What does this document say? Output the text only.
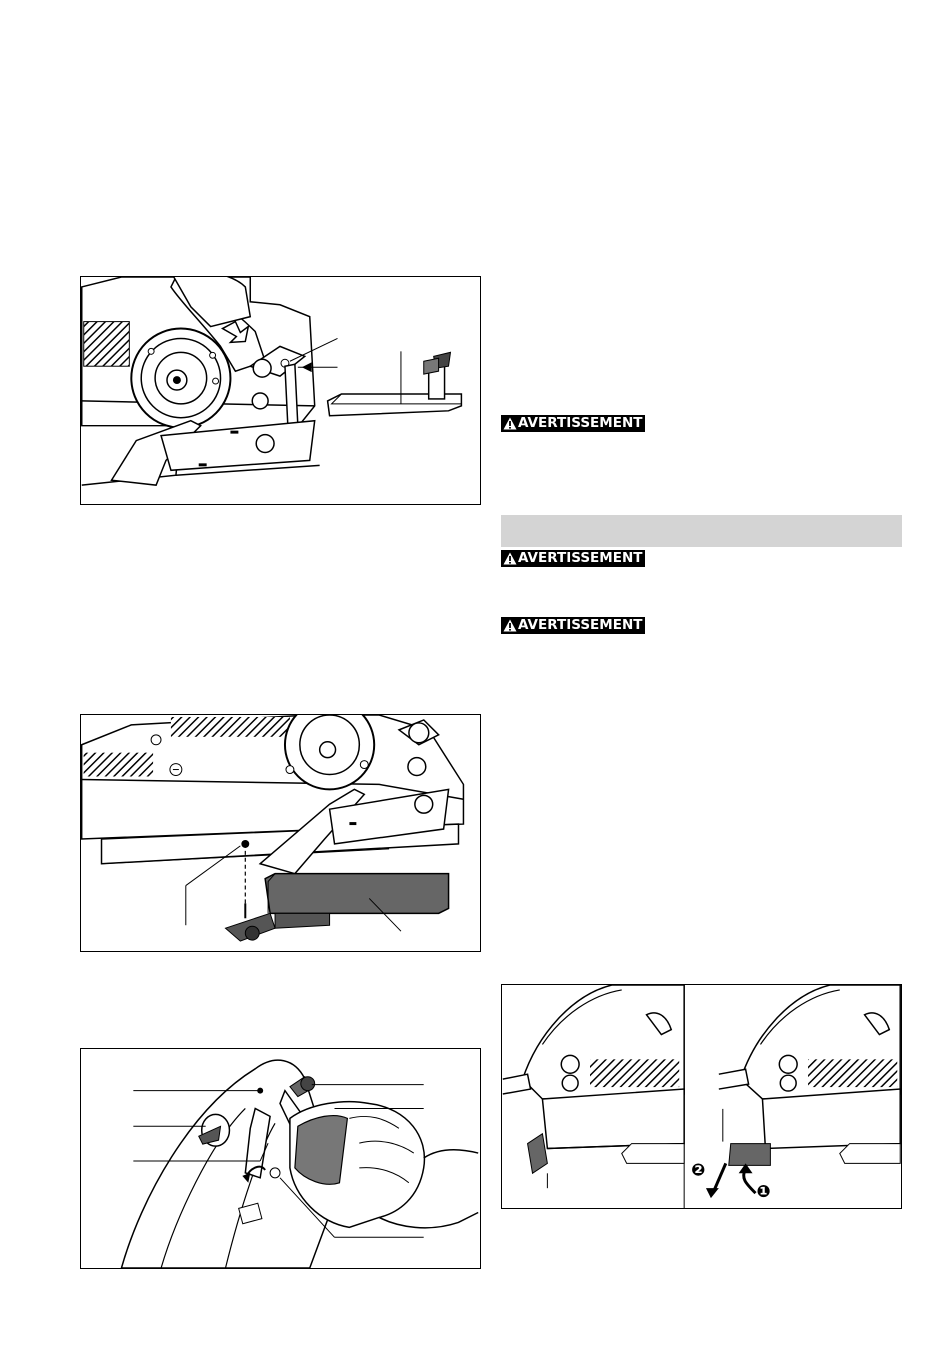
❷
❶
AVERTISSEMENT
AVERTISSEMENT
AVERTISSEMENT
